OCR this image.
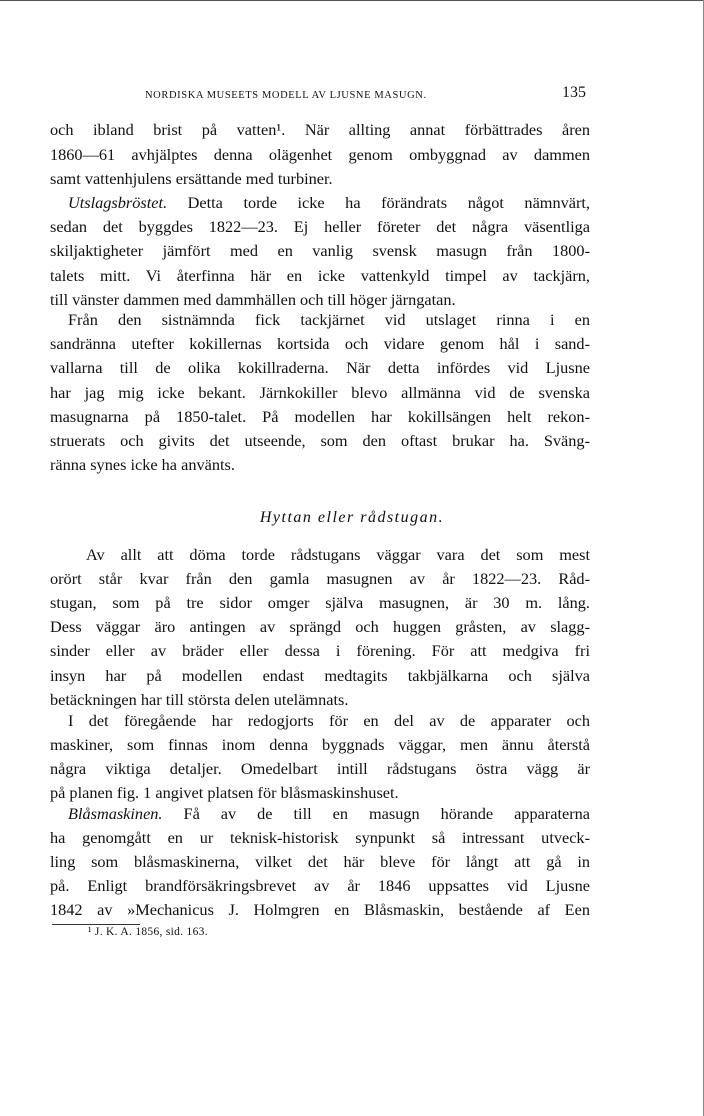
NORDISKA MUSEETS MODELL AV LJUSNE MASUGN.	135
och ibland brist på vatten¹. När allting annat förbättrades åren
1860—61 avhjälptes denna olägenhet genom ombyggnad av dammen
samt vattenhjulens ersättande med turbiner.
Utslagsbröstet. Detta torde icke ha förändrats något nämnvärt,
sedan det byggdes 1822—23. Ej heller företer det några väsentliga
skiljaktigheter jämfört med en vanlig svensk masugn från 1800-
talets mitt. Vi återfinna här en icke vattenkyld timpel av tackjärn,
till vänster dammen med dammhällen och till höger järngatan.
Från den sistnämnda fick tackjärnet vid utslaget rinna i en
sandränna utefter kokillernas kortsida och vidare genom hål i sand-
vallarna till de olika kokillraderna. När detta infördes vid Ljusne
har jag mig icke bekant. Järnkokiller blevo allmänna vid de svenska
masugnarna på 1850-talet. På modellen har kokillsängen helt rekon-
struerats och givits det utseende, som den oftast brukar ha. Sväng-
ränna synes icke ha använts.
Hyttan eller rådstugan.
Av allt att döma torde rådstugans väggar vara det som mest
orört står kvar från den gamla masugnen av år 1822—23. Råd-
stugan, som på tre sidor omger själva masugnen, är 30 m. lång.
Dess väggar äro antingen av sprängd och huggen gråsten, av slagg-
sinder eller av bräder eller dessa i förening. För att medgiva fri
insyn har på modellen endast medtagits takbjälkarna och själva
betäckningen har till största delen utelämnats.
I det föregående har redogjorts för en del av de apparater och
maskiner, som finnas inom denna byggnads väggar, men ännu återstå
några viktiga detaljer. Omedelbart intill rådstugans östra vägg är
på planen fig. 1 angivet platsen för blåsmaskinshuset.
Blåsmaskinen. Få av de till en masugn hörande apparaterna
ha genomgått en ur teknisk-historisk synpunkt så intressant utveck-
ling som blåsmaskinerna, vilket det här bleve för långt att gå in
på. Enligt brandförsäkringsbrevet av år 1846 uppsattes vid Ljusne
1842 av »Mechanicus J. Holmgren en Blåsmaskin, bestående af Een
¹ J. K. A. 1856, sid. 163.
